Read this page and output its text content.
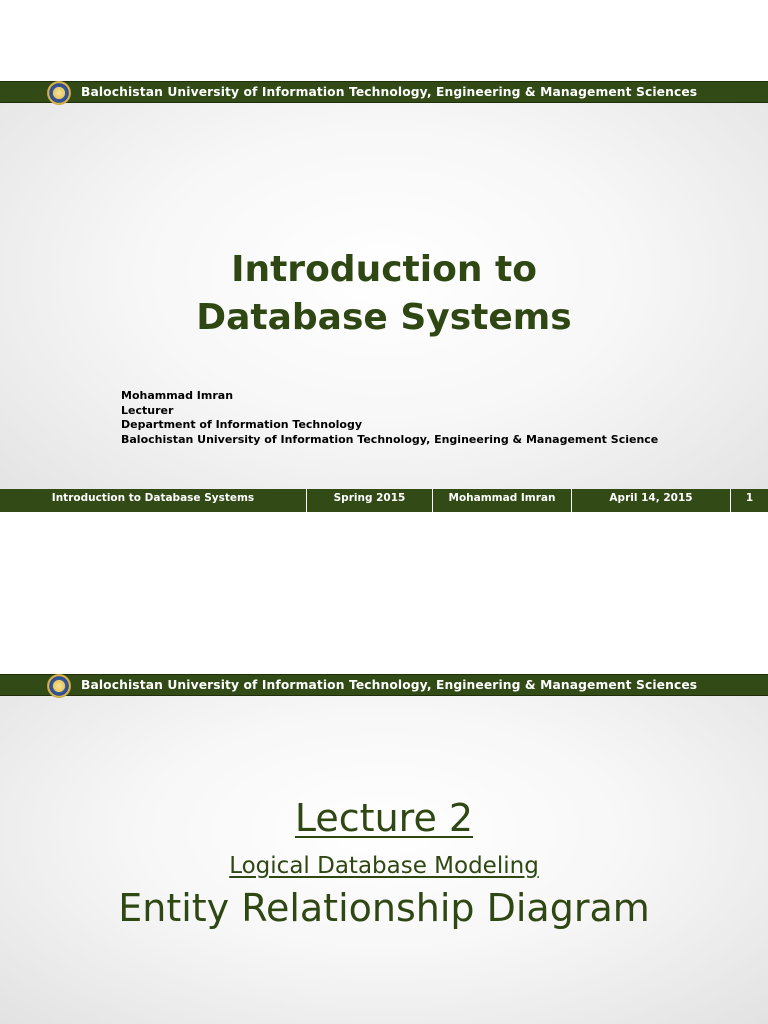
Balochistan University of Information Technology, Engineering & Management Sciences
Introduction to
Database Systems
Mohammad Imran
Lecturer
Department of Information Technology
Balochistan University of Information Technology, Engineering & Management Science
Introduction to Database Systems	Spring 2015	Mohammad Imran	April 14, 2015	1
Balochistan University of Information Technology, Engineering & Management Sciences
Lecture 2
Logical Database Modeling
Entity Relationship Diagram
